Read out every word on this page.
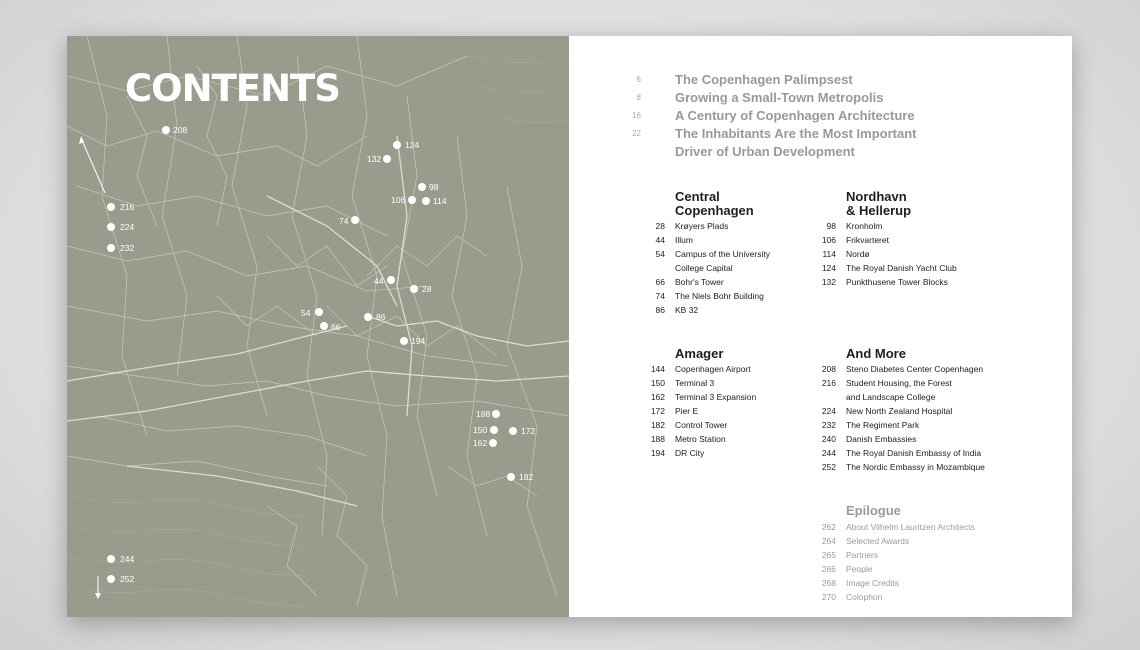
CONTENTS
208
216
224
232
124
132
98
106	114
74
44
28
54	86
66
194
188
150	172
162
182
244
252
6	The Copenhagen Palimpsest
8	Growing a Small-Town Metropolis
16	A Century of Copenhagen Architecture
22	The Inhabitants Are the Most Important
Driver of Urban Development
Central
Copenhagen
28 Krøyers Plads
44 Illum
54 Campus of the University
College Capital
66 Bohr's Tower
74 The Niels Bohr Building
86 KB 32
Nordhavn
& Hellerup
98 Kronholm
106 Frikvarteret
114 Nordø
124 The Royal Danish Yacht Club
132 Punkthusene Tower Blocks
Amager
144 Copenhagen Airport
150 Terminal 3
162 Terminal 3 Expansion
172 Pier E
182 Control Tower
188 Metro Station
194 DR City
And More
208 Steno Diabetes Center Copenhagen
216 Student Housing, the Forest
and Landscape College
224 New North Zealand Hospital
232 The Regiment Park
240 Danish Embassies
244 The Royal Danish Embassy of India
252 The Nordic Embassy in Mozambique
Epilogue
262 About Vilhelm Lauritzen Architects
264 Selected Awards
265 Partners
266 People
268 Image Credits
270 Colophon
